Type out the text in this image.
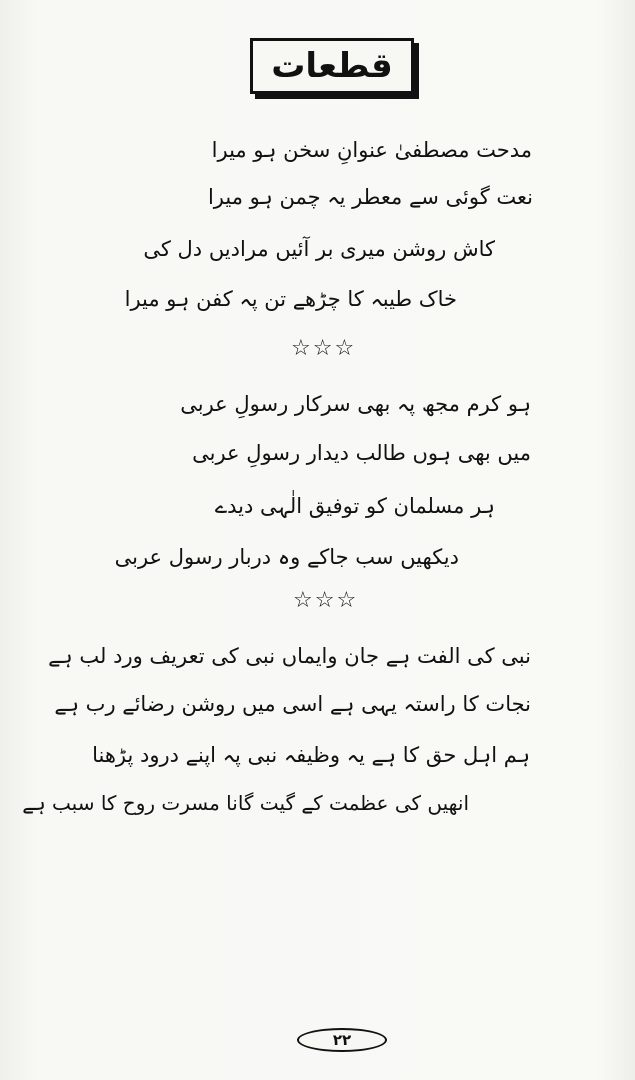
قطعات
مدحت مصطفیٰ عنوانِ سخن ہو میرا
نعت گوئی سے معطر یہ چمن ہو میرا
کاش روشن میری بر آئیں مرادیں دل کی
خاک طیبہ کا چڑھے تن پہ کفن ہو میرا
☆☆☆
ہو کرم مجھ پہ بھی سرکار رسولِ عربی
میں بھی ہوں طالب دیدار رسولِ عربی
ہر مسلمان کو توفیق الٰہی دیدے
دیکھیں سب جاکے وہ دربار رسول عربی
☆☆☆
نبی کی الفت ہے جان وایماں نبی کی تعریف ورد لب ہے
نجات کا راستہ یہی ہے اسی میں روشن رضائے رب ہے
ہم اہل حق کا ہے یہ وظیفہ نبی پہ اپنے درود پڑھنا
انھیں کی عظمت کے گیت گانا مسرت روح کا سبب ہے
۲۲
